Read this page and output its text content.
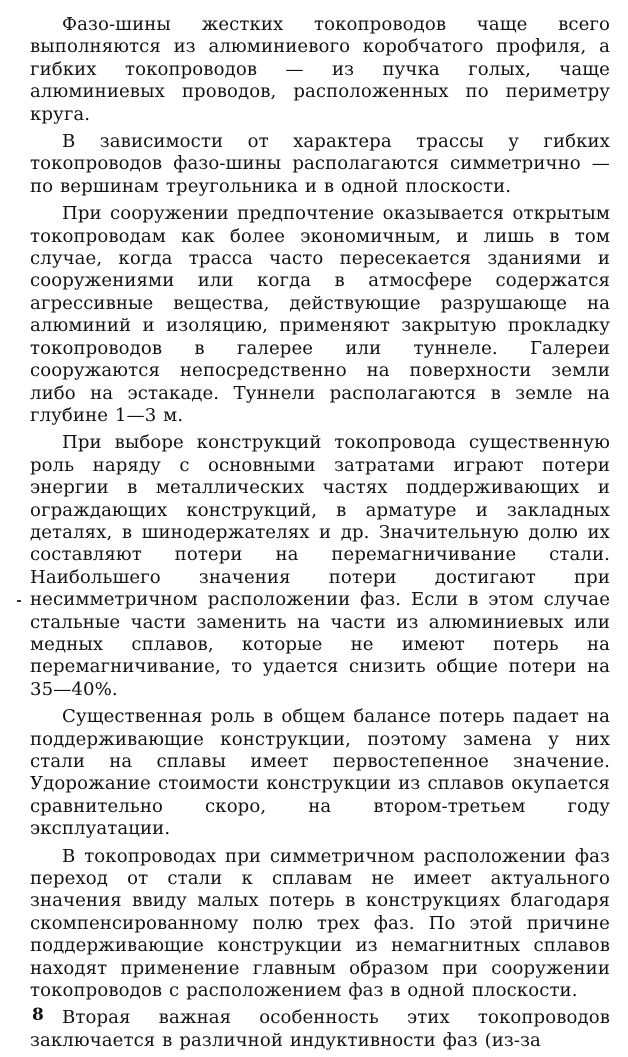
Фазо-шины жестких токопроводов чаще всего выполняются из алюминиевого коробчатого профиля, а гибких токопроводов — из пучка голых, чаще алюминиевых проводов, расположенных по периметру круга.

В зависимости от характера трассы у гибких токопроводов фазо-шины располагаются симметрично — по вершинам треугольника и в одной плоскости.

При сооружении предпочтение оказывается открытым токопроводам как более экономичным, и лишь в том случае, когда трасса часто пересекается зданиями и сооружениями или когда в атмосфере содержатся агрессивные вещества, действующие разрушающе на алюминий и изоляцию, применяют закрытую прокладку токопроводов в галерее или туннеле. Галереи сооружаются непосредственно на поверхности земли либо на эстакаде. Туннели располагаются в земле на глубине 1—3 м.

При выборе конструкций токопровода существенную роль наряду с основными затратами играют потери энергии в металлических частях поддерживающих и ограждающих конструкций, в арматуре и закладных деталях, в шинодержателях и др. Значительную долю их составляют потери на перемагничивание стали. Наибольшего значения потери достигают при несимметричном расположении фаз. Если в этом случае стальные части заменить на части из алюминиевых или медных сплавов, которые не имеют потерь на перемагничивание, то удается снизить общие потери на 35—40%.

Существенная роль в общем балансе потерь падает на поддерживающие конструкции, поэтому замена у них стали на сплавы имеет первостепенное значение. Удорожание стоимости конструкции из сплавов окупается сравнительно скоро, на втором-третьем году эксплуатации.

В токопроводах при симметричном расположении фаз переход от стали к сплавам не имеет актуального значения ввиду малых потерь в конструкциях благодаря скомпенсированному полю трех фаз. По этой причине поддерживающие конструкции из немагнитных сплавов находят применение главным образом при сооружении токопроводов с расположением фаз в одной плоскости.

Вторая важная особенность этих токопроводов заключается в различной индуктивности фаз (из-за

8
